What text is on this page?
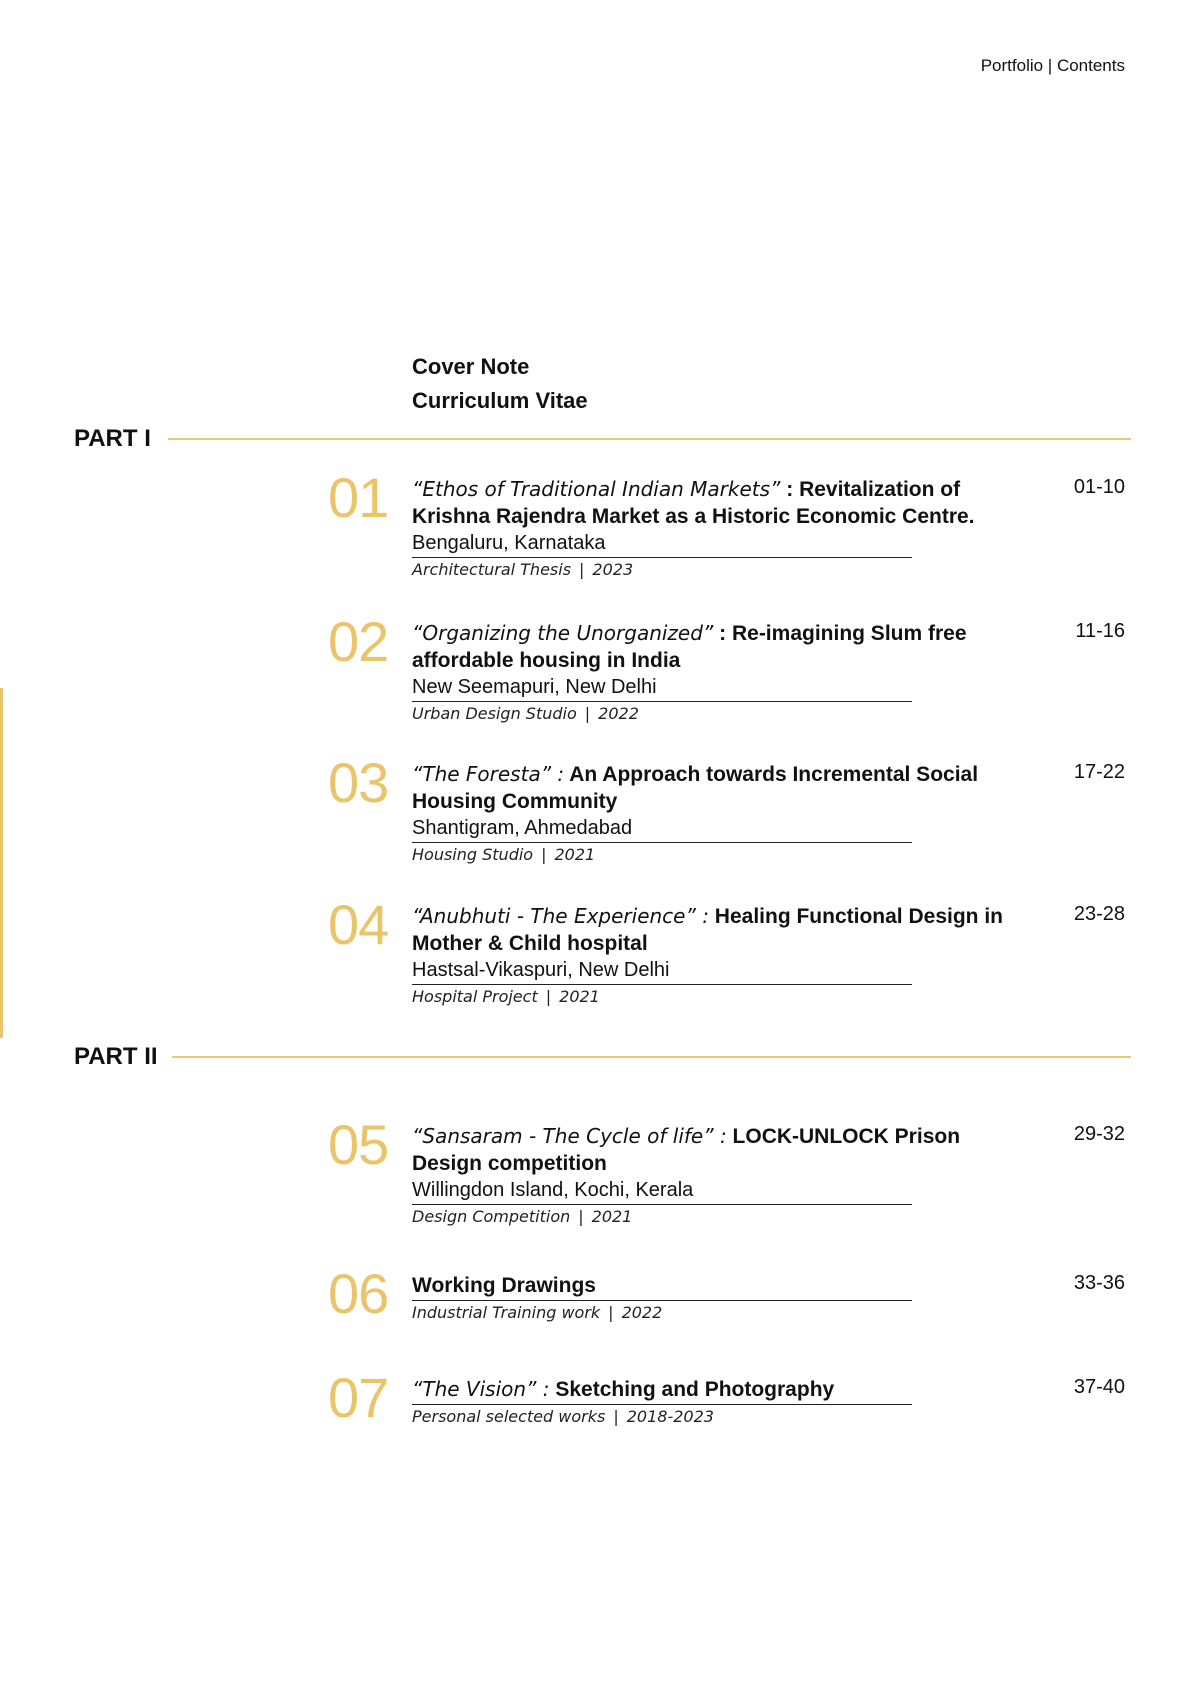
Portfolio | Contents
Cover Note
Curriculum Vitae
PART I
PART II
01 “Ethos of Traditional Indian Markets” : Revitalization of Krishna Rajendra Market as a Historic Economic Centre.
Bengaluru, Karnataka
Architectural Thesis | 2023
01-10
02 “Organizing the Unorganized” : Re-imagining Slum free affordable housing in India
New Seemapuri, New Delhi
Urban Design Studio | 2022
11-16
03 “The Foresta” : An Approach towards Incremental Social Housing Community
Shantigram, Ahmedabad
Housing Studio | 2021
17-22
04 “Anubhuti - The Experience” : Healing Functional Design in Mother & Child hospital
Hastsal-Vikaspuri, New Delhi
Hospital Project | 2021
23-28
05 “Sansaram - The Cycle of life” : LOCK-UNLOCK Prison Design competition
Willingdon Island, Kochi, Kerala
Design Competition | 2021
29-32
06 Working Drawings
Industrial Training work | 2022
33-36
07 “The Vision” : Sketching and Photography
Personal selected works | 2018-2023
37-40
